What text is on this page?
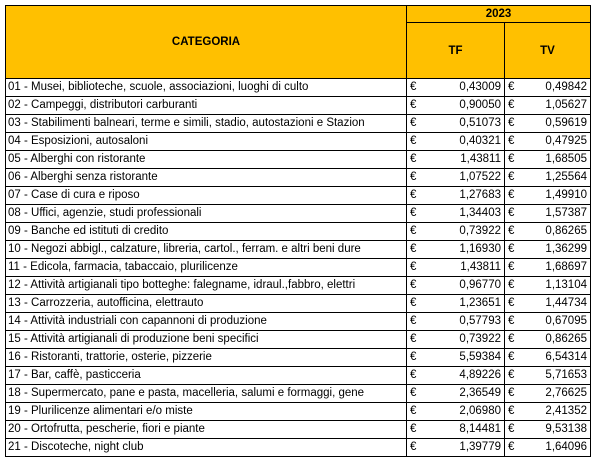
CATEGORIA	2023			
	TF		TV	
01 - Musei, biblioteche, scuole, associazioni, luoghi di culto	€	0,43009	€	0,49842
02 - Campeggi, distributori carburanti	€	0,90050	€	1,05627
03 - Stabilimenti balneari, terme e simili, stadio, autostazioni e Stazion	€	0,51073	€	0,59619
04 - Esposizioni, autosaloni	€	0,40321	€	0,47925
05 - Alberghi con ristorante	€	1,43811	€	1,68505
06 - Alberghi senza ristorante	€	1,07522	€	1,25564
07 - Case di cura e riposo	€	1,27683	€	1,49910
08 - Uffici, agenzie, studi professionali	€	1,34403	€	1,57387
09 - Banche ed istituti di credito	€	0,73922	€	0,86265
10 - Negozi abbigl., calzature, libreria, cartol., ferram. e altri beni dure	€	1,16930	€	1,36299
11 - Edicola, farmacia, tabaccaio, plurilicenze	€	1,43811	€	1,68697
12 - Attività artigianali tipo botteghe: falegname, idraul.,fabbro, elettri	€	0,96770	€	1,13104
13 - Carrozzeria, autofficina, elettrauto	€	1,23651	€	1,44734
14 - Attività industriali con capannoni di produzione	€	0,57793	€	0,67095
15 - Attività artigianali di produzione beni specifici	€	0,73922	€	0,86265
16 - Ristoranti, trattorie, osterie, pizzerie	€	5,59384	€	6,54314
17 - Bar, caffè, pasticceria	€	4,89226	€	5,71653
18 - Supermercato, pane e pasta, macelleria, salumi e formaggi, gene	€	2,36549	€	2,76625
19 - Plurilicenze alimentari e/o miste	€	2,06980	€	2,41352
20 - Ortofrutta, pescherie, fiori e piante	€	8,14481	€	9,53138
21 - Discoteche, night club	€	1,39779	€	1,64096
